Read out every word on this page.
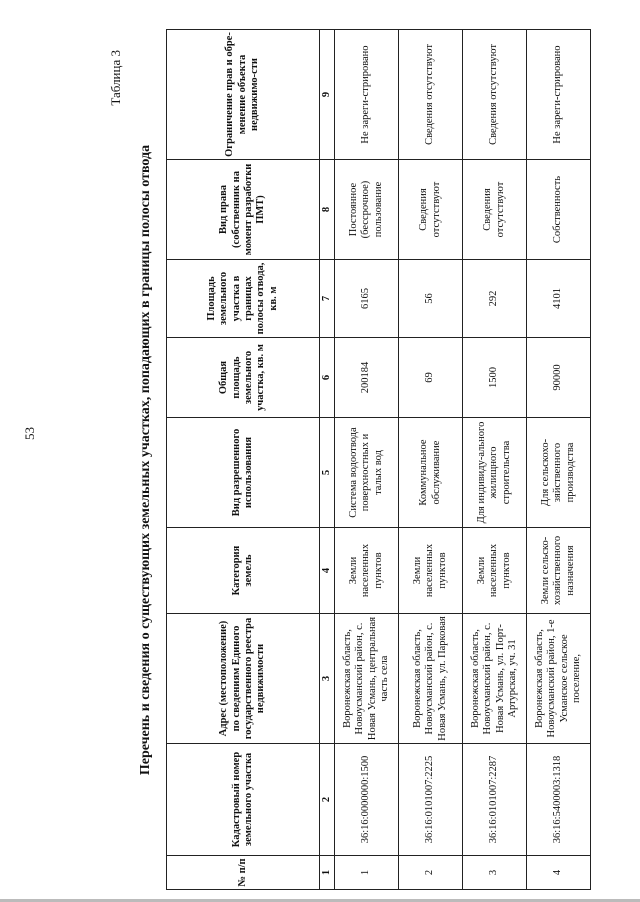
53
Таблица 3
Перечень и сведения о существующих земельных участках, попадающих в границы полосы отвода
№ п/п	Кадастровый номер земельного участка	Адрес (местоположение) по сведениям Единого государственного реестра недвижимости	Категория земель	Вид разрешенного использования	Общая площадь земельного участка, кв. м	Площадь земельного участка в границах полосы отвода, кв. м	Вид права (собственник на момент разработки ПМТ)	Ограничение прав и обре-менение объекта недвижимо-сти
1	2	3	4	5	6	7	8	9
1	36:16:0000000:1500	Воронежская область, Новоусманский район, с. Новая Усмань, центральная часть села	Земли населенных пунктов	Система водоотвода поверхностных и талых вод	200184	6165	Постоянное (бессрочное) пользование	Не зареги-стрировано
2	36:16:0101007:2225	Воронежская область, Новоусманский район, с. Новая Усмань, ул. Парковая	Земли населенных пунктов	Коммунальное обслуживание	69	56	Сведения отсутствуют	Сведения отсутствуют
3	36:16:0101007:2287	Воронежская область, Новоусманский район, с. Новая Усмань, ул. Порт-Артурская, уч. 31	Земли населенных пунктов	Для индивиду-ального жилищного строительства	1500	292	Сведения отсутствуют	Сведения отсутствуют
4	36:16:5400003:1318	Воронежская область, Новоусманский район, 1-е Усманское сельское поселение,	Земли сельско-хозяйственного назначения	Для сельскохо-зяйственного производства	90000	4101	Собственность	Не зареги-стрировано
